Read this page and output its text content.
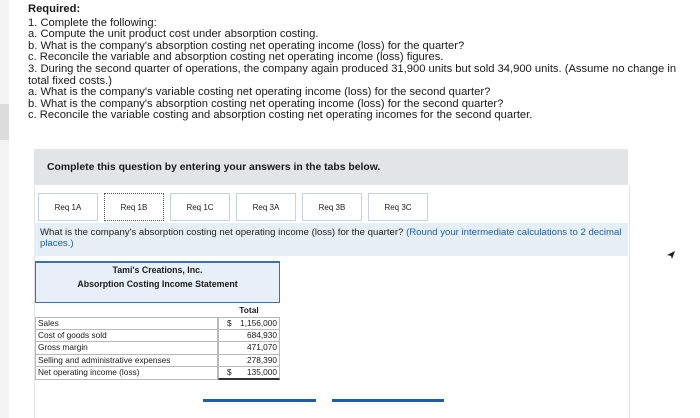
Required:
1. Complete the following:
a. Compute the unit product cost under absorption costing.
b. What is the company's absorption costing net operating income (loss) for the quarter?
c. Reconcile the variable and absorption costing net operating income (loss) figures.
3. During the second quarter of operations, the company again produced 31,900 units but sold 34,900 units. (Assume no change in total fixed costs.)
a. What is the company's variable costing net operating income (loss) for the second quarter?
b. What is the company's absorption costing net operating income (loss) for the second quarter?
c. Reconcile the variable costing and absorption costing net operating incomes for the second quarter.
Complete this question by entering your answers in the tabs below.
Req 1A	Req 1B	Req 1C	Req 3A	Req 3B	Req 3C
What is the company's absorption costing net operating income (loss) for the quarter? (Round your intermediate calculations to 2 decimal places.)
Tami's Creations, Inc.
Absorption Costing Income Statement
Total
Sales	$ 1,156,000
Cost of goods sold	684,930
Gross margin	471,070
Selling and administrative expenses	278,390
Net operating income (loss)	$ 135,000
